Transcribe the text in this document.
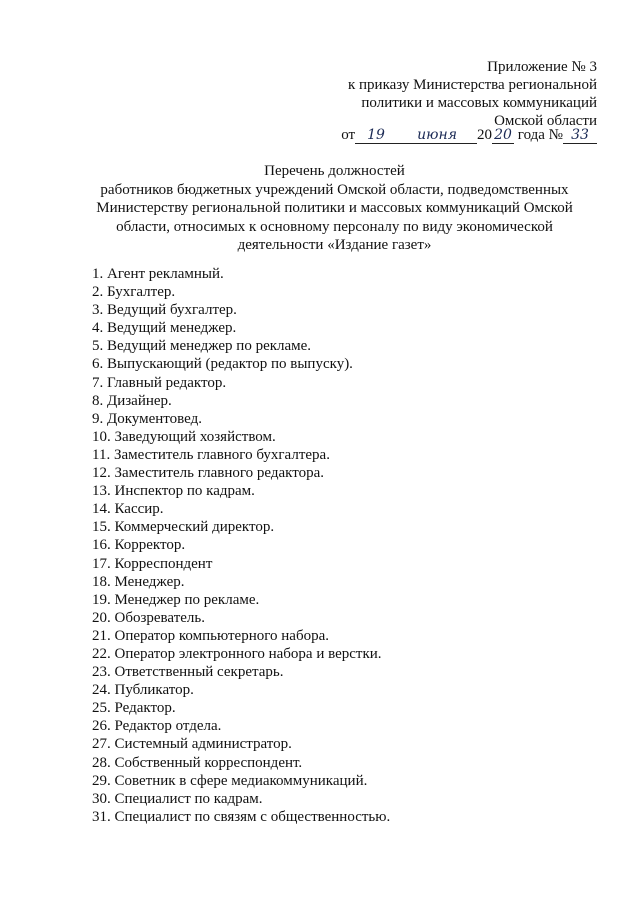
Приложение № 3
к приказу Министерства региональной
политики и массовых коммуникаций
Омской области
от 19	июня	20 20 года № 33
Перечень должностей
работников бюджетных учреждений Омской области, подведомственных
Министерству региональной политики и массовых коммуникаций Омской
области, относимых к основному персоналу по виду экономической
деятельности «Издание газет»
1. Агент рекламный.
2. Бухгалтер.
3. Ведущий бухгалтер.
4. Ведущий менеджер.
5. Ведущий менеджер по рекламе.
6. Выпускающий (редактор по выпуску).
7. Главный редактор.
8. Дизайнер.
9. Документовед.
10. Заведующий хозяйством.
11. Заместитель главного бухгалтера.
12. Заместитель главного редактора.
13. Инспектор по кадрам.
14. Кассир.
15. Коммерческий директор.
16. Корректор.
17. Корреспондент
18. Менеджер.
19. Менеджер по рекламе.
20. Обозреватель.
21. Оператор компьютерного набора.
22. Оператор электронного набора и верстки.
23. Ответственный секретарь.
24. Публикатор.
25. Редактор.
26. Редактор отдела.
27. Системный администратор.
28. Собственный корреспондент.
29. Советник в сфере медиакоммуникаций.
30. Специалист по кадрам.
31. Специалист по связям с общественностью.
